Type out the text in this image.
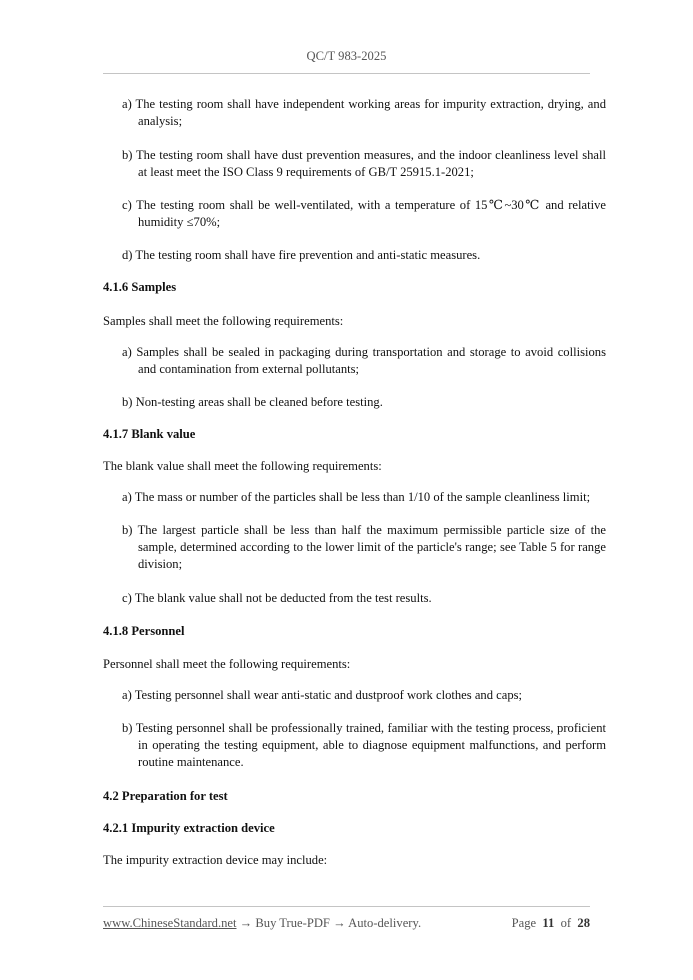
QC/T 983-2025
a) The testing room shall have independent working areas for impurity extraction, drying, and analysis;
b) The testing room shall have dust prevention measures, and the indoor cleanliness level shall at least meet the ISO Class 9 requirements of GB/T 25915.1-2021;
c) The testing room shall be well-ventilated, with a temperature of 15℃~30℃ and relative humidity ≤70%;
d) The testing room shall have fire prevention and anti-static measures.
4.1.6 Samples
Samples shall meet the following requirements:
a) Samples shall be sealed in packaging during transportation and storage to avoid collisions and contamination from external pollutants;
b) Non-testing areas shall be cleaned before testing.
4.1.7 Blank value
The blank value shall meet the following requirements:
a) The mass or number of the particles shall be less than 1/10 of the sample cleanliness limit;
b) The largest particle shall be less than half the maximum permissible particle size of the sample, determined according to the lower limit of the particle's range; see Table 5 for range division;
c) The blank value shall not be deducted from the test results.
4.1.8 Personnel
Personnel shall meet the following requirements:
a) Testing personnel shall wear anti-static and dustproof work clothes and caps;
b) Testing personnel shall be professionally trained, familiar with the testing process, proficient in operating the testing equipment, able to diagnose equipment malfunctions, and perform routine maintenance.
4.2 Preparation for test
4.2.1 Impurity extraction device
The impurity extraction device may include:
www.ChineseStandard.net → Buy True-PDF → Auto-delivery.	Page 11 of 28
